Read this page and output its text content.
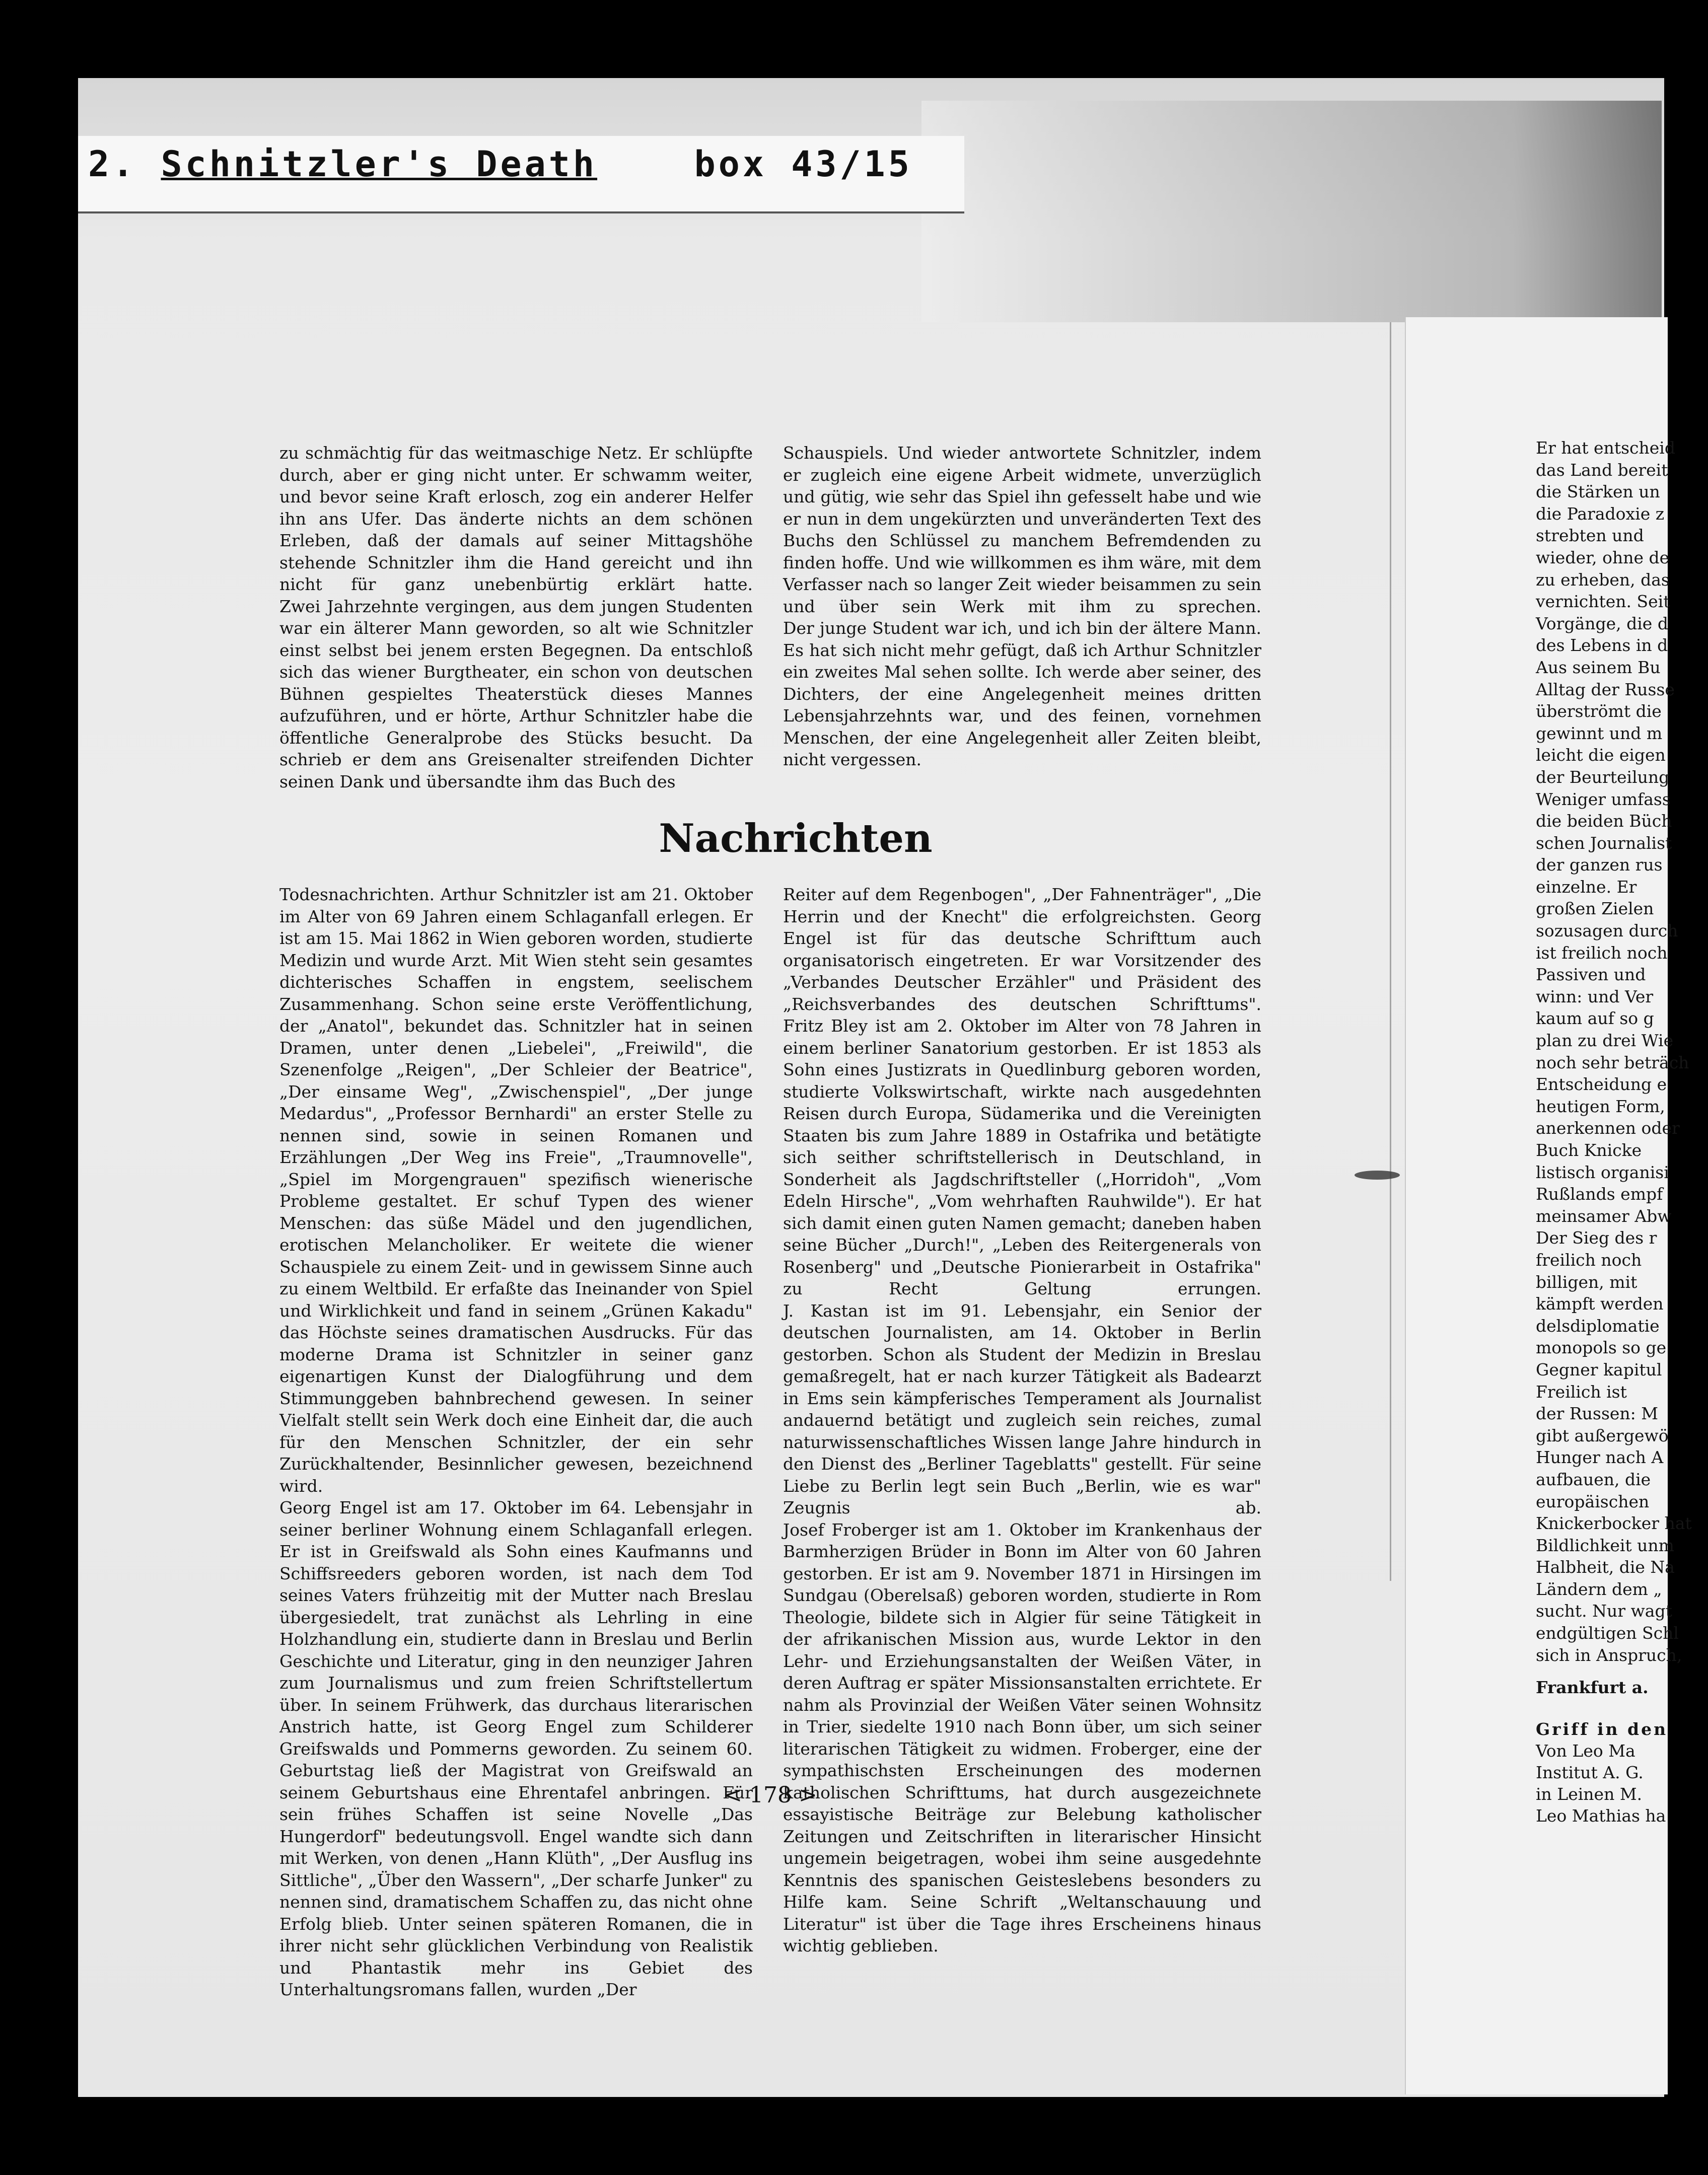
2. Schnitzler's Death	box 43/15

zu schmächtig für das weitmaschige Netz. Er schlüpfte durch, aber er ging nicht unter. Er schwamm weiter, und bevor seine Kraft erlosch, zog ein anderer Helfer ihn ans Ufer. Das änderte nichts an dem schönen Erleben, daß der damals auf seiner Mittagshöhe stehende Schnitzler ihm die Hand gereicht und ihn nicht für ganz unebenbürtig erklärt hatte.

Zwei Jahrzehnte vergingen, aus dem jungen Studenten war ein älterer Mann geworden, so alt wie Schnitzler einst selbst bei jenem ersten Begegnen. Da entschloß sich das wiener Burgtheater, ein schon von deutschen Bühnen gespieltes Theaterstück dieses Mannes aufzuführen, und er hörte, Arthur Schnitzler habe die öffentliche Generalprobe des Stücks besucht. Da schrieb er dem ans Greisenalter streifenden Dichter seinen Dank und übersandte ihm das Buch des

Schauspiels. Und wieder antwortete Schnitzler, indem er zugleich eine eigene Arbeit widmete, unverzüglich und gütig, wie sehr das Spiel ihn gefesselt habe und wie er nun in dem ungekürzten und unveränderten Text des Buchs den Schlüssel zu manchem Befremdenden zu finden hoffe. Und wie willkommen es ihm wäre, mit dem Verfasser nach so langer Zeit wieder beisammen zu sein und über sein Werk mit ihm zu sprechen.

Der junge Student war ich, und ich bin der ältere Mann. Es hat sich nicht mehr gefügt, daß ich Arthur Schnitzler ein zweites Mal sehen sollte. Ich werde aber seiner, des Dichters, der eine Angelegenheit meines dritten Lebensjahrzehnts war, und des feinen, vornehmen Menschen, der eine Angelegenheit aller Zeiten bleibt, nicht vergessen.

Nachrichten

Todesnachrichten. Arthur Schnitzler ist am 21. Oktober im Alter von 69 Jahren einem Schlaganfall erlegen. Er ist am 15. Mai 1862 in Wien geboren worden, studierte Medizin und wurde Arzt. Mit Wien steht sein gesamtes dichterisches Schaffen in engstem, seelischem Zusammenhang. Schon seine erste Veröffentlichung, der „Anatol", bekundet das. Schnitzler hat in seinen Dramen, unter denen „Liebelei", „Freiwild", die Szenenfolge „Reigen", „Der Schleier der Beatrice", „Der einsame Weg", „Zwischenspiel", „Der junge Medardus", „Professor Bernhardi" an erster Stelle zu nennen sind, sowie in seinen Romanen und Erzählungen „Der Weg ins Freie", „Traumnovelle", „Spiel im Morgengrauen" spezifisch wienerische Probleme gestaltet. Er schuf Typen des wiener Menschen: das süße Mädel und den jugendlichen, erotischen Melancholiker. Er weitete die wiener Schauspiele zu einem Zeit- und in gewissem Sinne auch zu einem Weltbild. Er erfaßte das Ineinander von Spiel und Wirklichkeit und fand in seinem „Grünen Kakadu" das Höchste seines dramatischen Ausdrucks. Für das moderne Drama ist Schnitzler in seiner ganz eigenartigen Kunst der Dialogführung und dem Stimmunggeben bahnbrechend gewesen. In seiner Vielfalt stellt sein Werk doch eine Einheit dar, die auch für den Menschen Schnitzler, der ein sehr Zurückhaltender, Besinnlicher gewesen, bezeichnend wird.

Georg Engel ist am 17. Oktober im 64. Lebensjahr in seiner berliner Wohnung einem Schlaganfall erlegen. Er ist in Greifswald als Sohn eines Kaufmanns und Schiffsreeders geboren worden, ist nach dem Tod seines Vaters frühzeitig mit der Mutter nach Breslau übergesiedelt, trat zunächst als Lehrling in eine Holzhandlung ein, studierte dann in Breslau und Berlin Geschichte und Literatur, ging in den neunziger Jahren zum Journalismus und zum freien Schriftstellertum über. In seinem Frühwerk, das durchaus literarischen Anstrich hatte, ist Georg Engel zum Schilderer Greifswalds und Pommerns geworden. Zu seinem 60. Geburtstag ließ der Magistrat von Greifswald an seinem Geburtshaus eine Ehrentafel anbringen. Für sein frühes Schaffen ist seine Novelle „Das Hungerdorf" bedeutungsvoll. Engel wandte sich dann mit Werken, von denen „Hann Klüth", „Der Ausflug ins Sittliche", „Über den Wassern", „Der scharfe Junker" zu nennen sind, dramatischem Schaffen zu, das nicht ohne Erfolg blieb. Unter seinen späteren Romanen, die in ihrer nicht sehr glücklichen Verbindung von Realistik und Phantastik mehr ins Gebiet des Unterhaltungsromans fallen, wurden „Der

Reiter auf dem Regenbogen", „Der Fahnenträger", „Die Herrin und der Knecht" die erfolgreichsten. Georg Engel ist für das deutsche Schrifttum auch organisatorisch eingetreten. Er war Vorsitzender des „Verbandes Deutscher Erzähler" und Präsident des „Reichsverbandes des deutschen Schrifttums".

Fritz Bley ist am 2. Oktober im Alter von 78 Jahren in einem berliner Sanatorium gestorben. Er ist 1853 als Sohn eines Justizrats in Quedlinburg geboren worden, studierte Volkswirtschaft, wirkte nach ausgedehnten Reisen durch Europa, Südamerika und die Vereinigten Staaten bis zum Jahre 1889 in Ostafrika und betätigte sich seither schriftstellerisch in Deutschland, in Sonderheit als Jagdschriftsteller („Horridoh", „Vom Edeln Hirsche", „Vom wehrhaften Rauhwilde"). Er hat sich damit einen guten Namen gemacht; daneben haben seine Bücher „Durch!", „Leben des Reitergenerals von Rosenberg" und „Deutsche Pionierarbeit in Ostafrika" zu Recht Geltung errungen.

J. Kastan ist im 91. Lebensjahr, ein Senior der deutschen Journalisten, am 14. Oktober in Berlin gestorben. Schon als Student der Medizin in Breslau gemaßregelt, hat er nach kurzer Tätigkeit als Badearzt in Ems sein kämpferisches Temperament als Journalist andauernd betätigt und zugleich sein reiches, zumal naturwissenschaftliches Wissen lange Jahre hindurch in den Dienst des „Berliner Tageblatts" gestellt. Für seine Liebe zu Berlin legt sein Buch „Berlin, wie es war" Zeugnis ab.

Josef Froberger ist am 1. Oktober im Krankenhaus der Barmherzigen Brüder in Bonn im Alter von 60 Jahren gestorben. Er ist am 9. November 1871 in Hirsingen im Sundgau (Oberelsaß) geboren worden, studierte in Rom Theologie, bildete sich in Algier für seine Tätigkeit in der afrikanischen Mission aus, wurde Lektor in den Lehr- und Erziehungsanstalten der Weißen Väter, in deren Auftrag er später Missionsanstalten errichtete. Er nahm als Provinzial der Weißen Väter seinen Wohnsitz in Trier, siedelte 1910 nach Bonn über, um sich seiner literarischen Tätigkeit zu widmen. Froberger, eine der sympathischsten Erscheinungen des modernen katholischen Schrifttums, hat durch ausgezeichnete essayistische Beiträge zur Belebung katholischer Zeitungen und Zeitschriften in literarischer Hinsicht ungemein beigetragen, wobei ihm seine ausgedehnte Kenntnis des spanischen Geisteslebens besonders zu Hilfe kam. Seine Schrift „Weltanschauung und Literatur" ist über die Tage ihres Erscheinens hinaus wichtig geblieben.

< 178 >
Er hat entscheid
das Land bereit
die Stärken un
die Paradoxie z
strebten und
wieder, ohne de
zu erheben, das
vernichten. Seit
Vorgänge, die d
des Lebens in d
Aus seinem Bu
Alltag der Russe
überströmt die
gewinnt und m
leicht die eigen
der Beurteilung
Weniger umfass
die beiden Büch
schen Journalist
der ganzen rus
einzelne. Er
großen Zielen
sozusagen durch
ist freilich noch
Passiven und
winn: und Ver
kaum auf so g
plan zu drei Wie
noch sehr beträch
Entscheidung e
heutigen Form,
anerkennen oder
Buch Knicke
listisch organisi
Rußlands empf
meinsamer Abw
Der Sieg des r
freilich noch
billigen, mit
kämpft werden
delsdiplomatie
monopols so ge
Gegner kapitul
Freilich ist
der Russen: M
gibt außergewö
Hunger nach A
aufbauen, die
europäischen
Knickerbocker hat
Bildlichkeit unm
Halbheit, die Na
Ländern dem „
sucht. Nur wagt
endgültigen Schl
sich in Anspruch,
Frankfurt a.
Griff in den
Von Leo Ma
Institut A. G.
in Leinen M.
Leo Mathias ha
